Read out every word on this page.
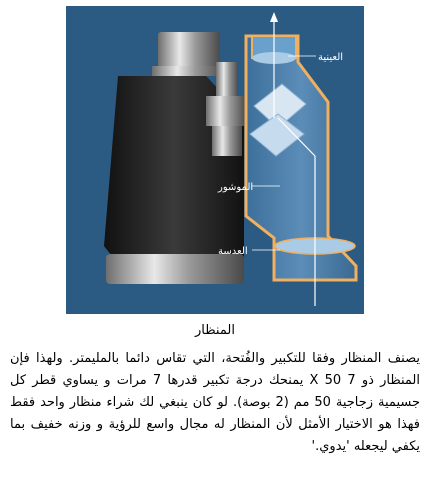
العينية
الموشور
العدسة
المنظار
يصنف المنظار وفقا للتكبير والفُتحة، التي تقاس دائما بالمليمتر. ولهذا فإن المنظار ذو 7 X 50 يمنحك درجة تكبير قدرها 7 مرات و يساوي قطر كل جسيمية زجاجية 50 مم (2 بوصة). لو كان ينبغي لك شراء منظار واحد فقط فهذا هو الاختيار الأمثل لأن المنظار له مجال واسع للرؤية و وزنه خفيف بما يكفي ليجعله 'يدوي.'
